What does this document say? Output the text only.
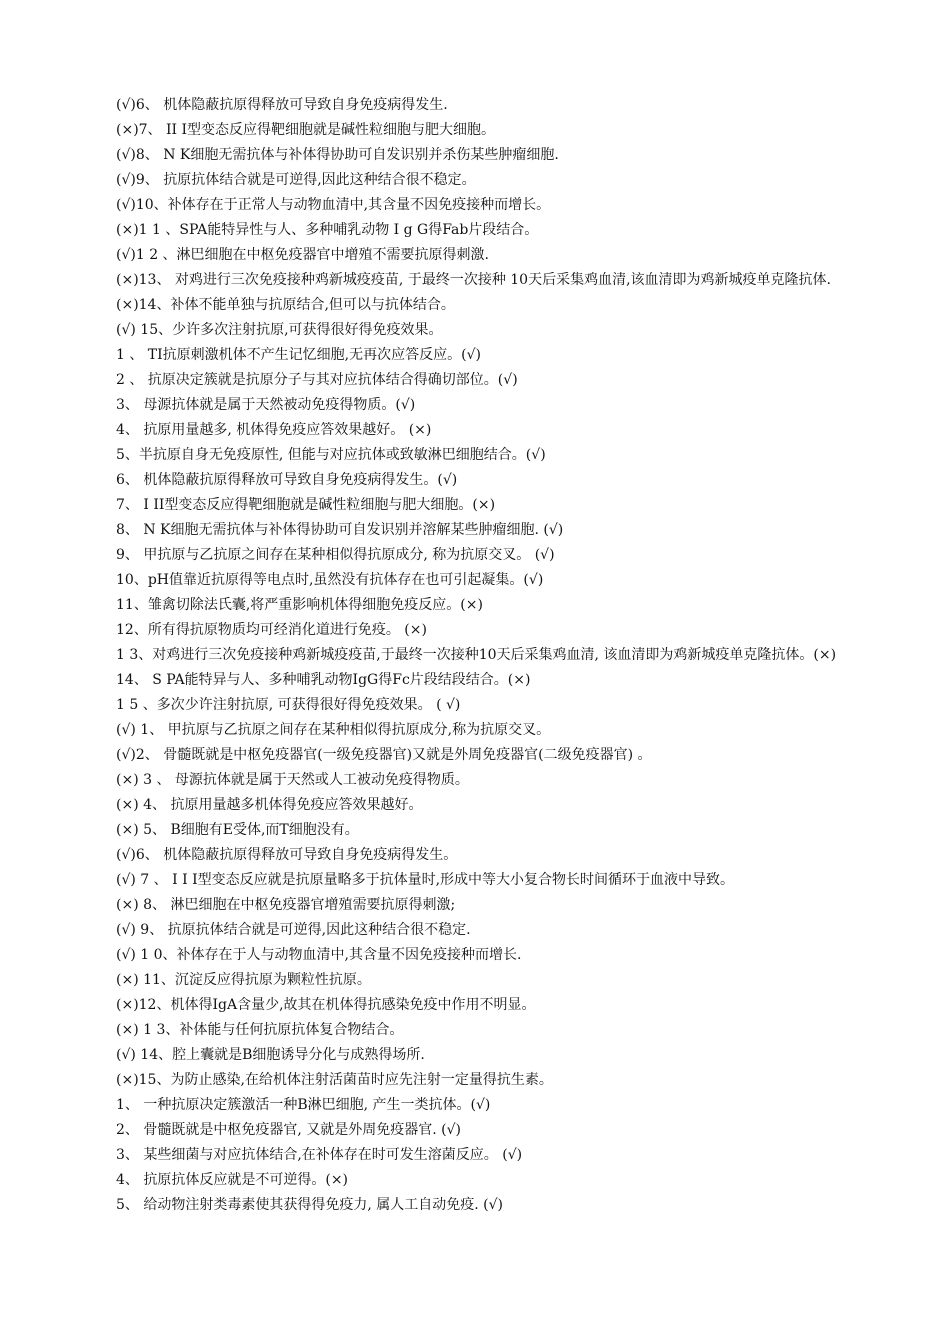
(√)6、 机体隐蔽抗原得释放可导致自身免疫病得发生.
(×)7、 II I型变态反应得靶细胞就是碱性粒细胞与肥大细胞。
(√)8、 N K细胞无需抗体与补体得协助可自发识别并杀伤某些肿瘤细胞.
(√)9、 抗原抗体结合就是可逆得,因此这种结合很不稳定。
(√)10、补体存在于正常人与动物血清中,其含量不因免疫接种而增长。
(×)1 1 、SPA能特异性与人、多种哺乳动物 I g G得Fab片段结合。
(√)1 2 、淋巴细胞在中枢免疫器官中增殖不需要抗原得刺激.
(×)13、 对鸡进行三次免疫接种鸡新城疫疫苗, 于最终一次接种 10天后采集鸡血清,该血清即为鸡新城疫单克隆抗体.
(×)14、补体不能单独与抗原结合,但可以与抗体结合。
(√) 15、少许多次注射抗原,可获得很好得免疫效果。
1 、 TI抗原刺激机体不产生记忆细胞,无再次应答反应。(√)
2 、 抗原决定簇就是抗原分子与其对应抗体结合得确切部位。(√)
3、 母源抗体就是属于天然被动免疫得物质。(√)
4、 抗原用量越多, 机体得免疫应答效果越好。 (×)
5、半抗原自身无免疫原性, 但能与对应抗体或致敏淋巴细胞结合。(√)
6、 机体隐蔽抗原得释放可导致自身免疫病得发生。(√)
7、 I II型变态反应得靶细胞就是碱性粒细胞与肥大细胞。(×)
8、 N K细胞无需抗体与补体得协助可自发识别并溶解某些肿瘤细胞. (√)
9、 甲抗原与乙抗原之间存在某种相似得抗原成分, 称为抗原交叉。 (√)
10、pH值靠近抗原得等电点时,虽然没有抗体存在也可引起凝集。(√)
11、雏禽切除法氏囊,将严重影响机体得细胞免疫反应。(×)
12、所有得抗原物质均可经消化道进行免疫。 (×)
1 3、对鸡进行三次免疫接种鸡新城疫疫苗,于最终一次接种10天后采集鸡血清, 该血清即为鸡新城疫单克隆抗体。(×)
14、 S PA能特异与人、多种哺乳动物IgG得Fc片段结段结合。(×)
1 5 、多次少许注射抗原, 可获得很好得免疫效果。 ( √)
(√) 1、 甲抗原与乙抗原之间存在某种相似得抗原成分,称为抗原交叉。
(√)2、 骨髓既就是中枢免疫器官(一级免疫器官)又就是外周免疫器官(二级免疫器官) 。
(×) 3 、 母源抗体就是属于天然或人工被动免疫得物质。
(×) 4、 抗原用量越多机体得免疫应答效果越好。
(×) 5、 B细胞有E受体,而T细胞没有。
(√)6、 机体隐蔽抗原得释放可导致自身免疫病得发生。
(√) 7 、 I I I型变态反应就是抗原量略多于抗体量时,形成中等大小复合物长时间循环于血液中导致。
(×) 8、 淋巴细胞在中枢免疫器官增殖需要抗原得刺激;
(√) 9、 抗原抗体结合就是可逆得,因此这种结合很不稳定.
(√) 1 0、补体存在于人与动物血清中,其含量不因免疫接种而增长.
(×) 11、沉淀反应得抗原为颗粒性抗原。
(×)12、机体得IgA含量少,故其在机体得抗感染免疫中作用不明显。
(×) 1 3、补体能与任何抗原抗体复合物结合。
(√) 14、腔上囊就是B细胞诱导分化与成熟得场所.
(×)15、为防止感染,在给机体注射活菌苗时应先注射一定量得抗生素。
1、 一种抗原决定簇激活一种B淋巴细胞, 产生一类抗体。(√)
2、 骨髓既就是中枢免疫器官, 又就是外周免疫器官. (√)
3、 某些细菌与对应抗体结合,在补体存在时可发生溶菌反应。 (√)
4、 抗原抗体反应就是不可逆得。(×)
5、 给动物注射类毒素使其获得得免疫力, 属人工自动免疫. (√)
